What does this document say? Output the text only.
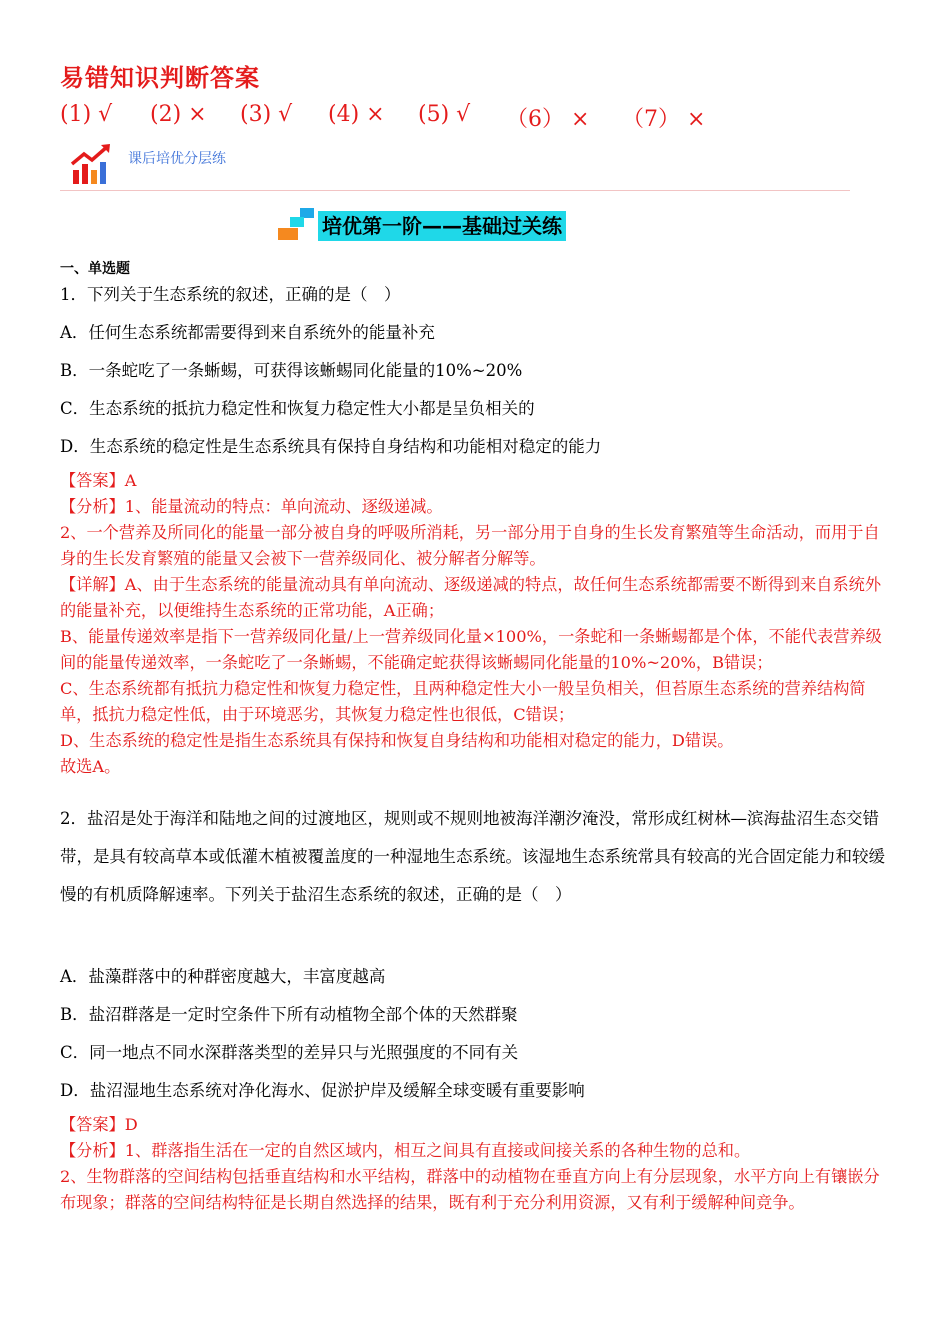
易错知识判断答案
(1) √ (2) × (3) √ (4) × (5) √ （6） × （7） ×
课后培优分层练
培优第一阶——基础过关练
一、单选题
1．下列关于生态系统的叙述，正确的是（　）
A．任何生态系统都需要得到来自系统外的能量补充
B．一条蛇吃了一条蜥蜴，可获得该蜥蜴同化能量的10%~20%
C．生态系统的抵抗力稳定性和恢复力稳定性大小都是呈负相关的
D．生态系统的稳定性是生态系统具有保持自身结构和功能相对稳定的能力

【答案】A

【分析】1、能量流动的特点：单向流动、逐级递减。

2、一个营养及所同化的能量一部分被自身的呼吸所消耗，另一部分用于自身的生长发育繁殖等生命活动，而用于自身的生长发育繁殖的能量又会被下一营养级同化、被分解者分解等。

【详解】A、由于生态系统的能量流动具有单向流动、逐级递减的特点，故任何生态系统都需要不断得到来自系统外的能量补充，以便维持生态系统的正常功能，A正确；

B、能量传递效率是指下一营养级同化量/上一营养级同化量×100%，一条蛇和一条蜥蜴都是个体，不能代表营养级间的能量传递效率，一条蛇吃了一条蜥蜴，不能确定蛇获得该蜥蜴同化能量的10%~20%，B错误；

C、生态系统都有抵抗力稳定性和恢复力稳定性，且两种稳定性大小一般呈负相关，但苔原生态系统的营养结构简单，抵抗力稳定性低，由于环境恶劣，其恢复力稳定性也很低，C错误；

D、生态系统的稳定性是指生态系统具有保持和恢复自身结构和功能相对稳定的能力，D错误。

故选A。

2．盐沼是处于海洋和陆地之间的过渡地区，规则或不规则地被海洋潮汐淹没，常形成红树林—滨海盐沼生态交错带，是具有较高草本或低灌木植被覆盖度的一种湿地生态系统。该湿地生态系统常具有较高的光合固定能力和较缓慢的有机质降解速率。下列关于盐沼生态系统的叙述，正确的是（　）
A．盐藻群落中的种群密度越大，丰富度越高
B．盐沼群落是一定时空条件下所有动植物全部个体的天然群聚
C．同一地点不同水深群落类型的差异只与光照强度的不同有关
D．盐沼湿地生态系统对净化海水、促淤护岸及缓解全球变暖有重要影响

【答案】D

【分析】1、群落指生活在一定的自然区域内，相互之间具有直接或间接关系的各种生物的总和。

2、生物群落的空间结构包括垂直结构和水平结构，群落中的动植物在垂直方向上有分层现象，水平方向上有镶嵌分布现象；群落的空间结构特征是长期自然选择的结果，既有利于充分利用资源，又有利于缓解种间竞争。
